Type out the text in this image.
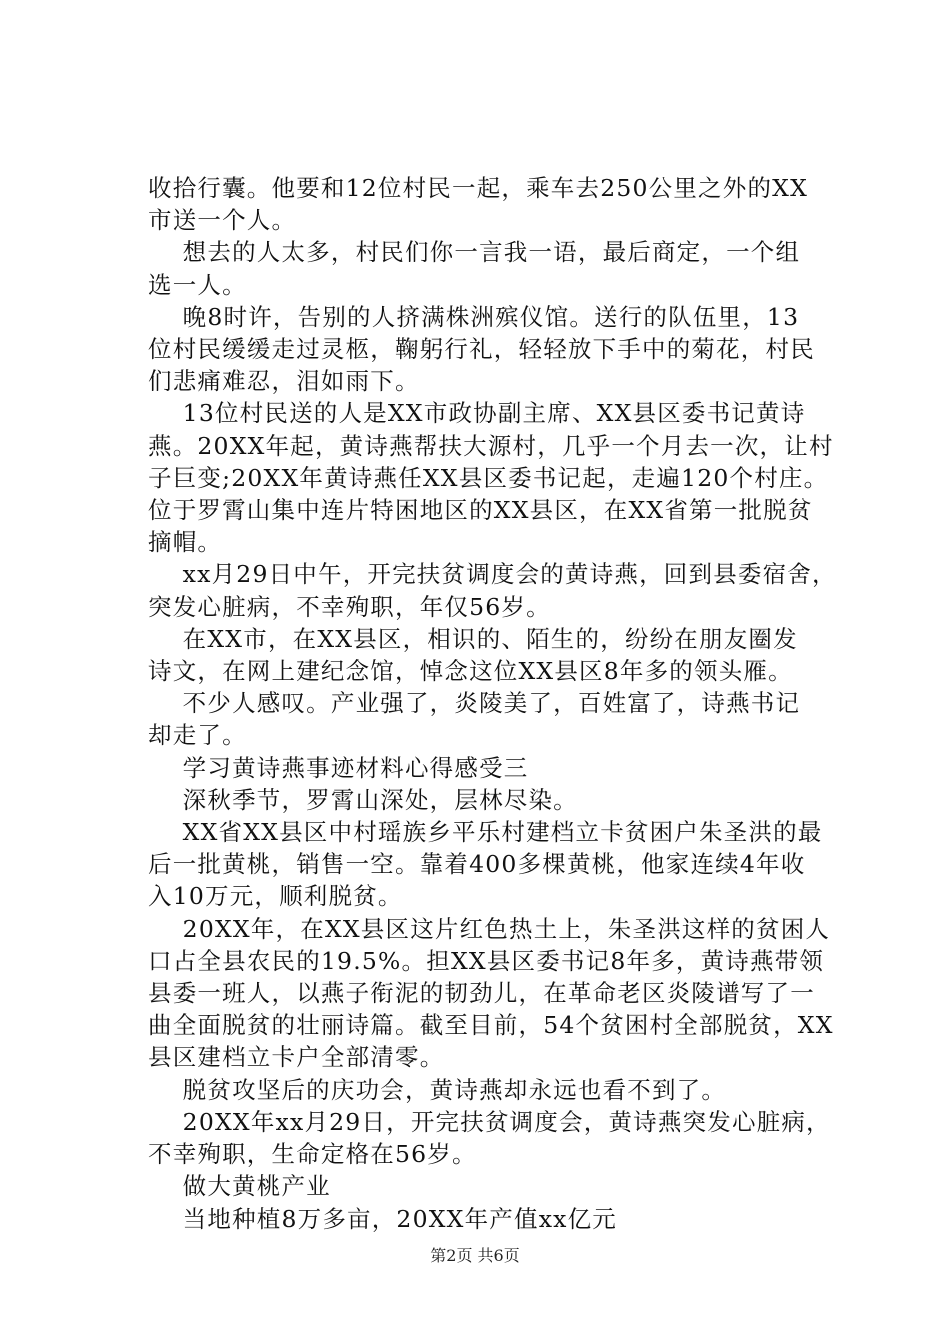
收拾行囊。他要和12位村民一起，乘车去250公里之外的XX
市送一个人。
想去的人太多，村民们你一言我一语，最后商定，一个组
选一人。
晚8时许，告别的人挤满株洲殡仪馆。送行的队伍里，13
位村民缓缓走过灵柩，鞠躬行礼，轻轻放下手中的菊花，村民
们悲痛难忍，泪如雨下。
13位村民送的人是XX市政协副主席、XX县区委书记黄诗
燕。20XX年起，黄诗燕帮扶大源村，几乎一个月去一次，让村
子巨变;20XX年黄诗燕任XX县区委书记起，走遍120个村庄。
位于罗霄山集中连片特困地区的XX县区，在XX省第一批脱贫
摘帽。
xx月29日中午，开完扶贫调度会的黄诗燕，回到县委宿舍，
突发心脏病，不幸殉职，年仅56岁。
在XX市，在XX县区，相识的、陌生的，纷纷在朋友圈发
诗文，在网上建纪念馆，悼念这位XX县区8年多的领头雁。
不少人感叹。产业强了，炎陵美了，百姓富了，诗燕书记
却走了。
学习黄诗燕事迹材料心得感受三
深秋季节，罗霄山深处，层林尽染。
XX省XX县区中村瑶族乡平乐村建档立卡贫困户朱圣洪的最
后一批黄桃，销售一空。靠着400多棵黄桃，他家连续4年收
入10万元，顺利脱贫。
20XX年，在XX县区这片红色热土上，朱圣洪这样的贫困人
口占全县农民的19.5%。担XX县区委书记8年多，黄诗燕带领
县委一班人，以燕子衔泥的韧劲儿，在革命老区炎陵谱写了一
曲全面脱贫的壮丽诗篇。截至目前，54个贫困村全部脱贫，XX
县区建档立卡户全部清零。
脱贫攻坚后的庆功会，黄诗燕却永远也看不到了。
20XX年xx月29日，开完扶贫调度会，黄诗燕突发心脏病，
不幸殉职，生命定格在56岁。
做大黄桃产业
当地种植8万多亩，20XX年产值xx亿元
第2页 共6页
